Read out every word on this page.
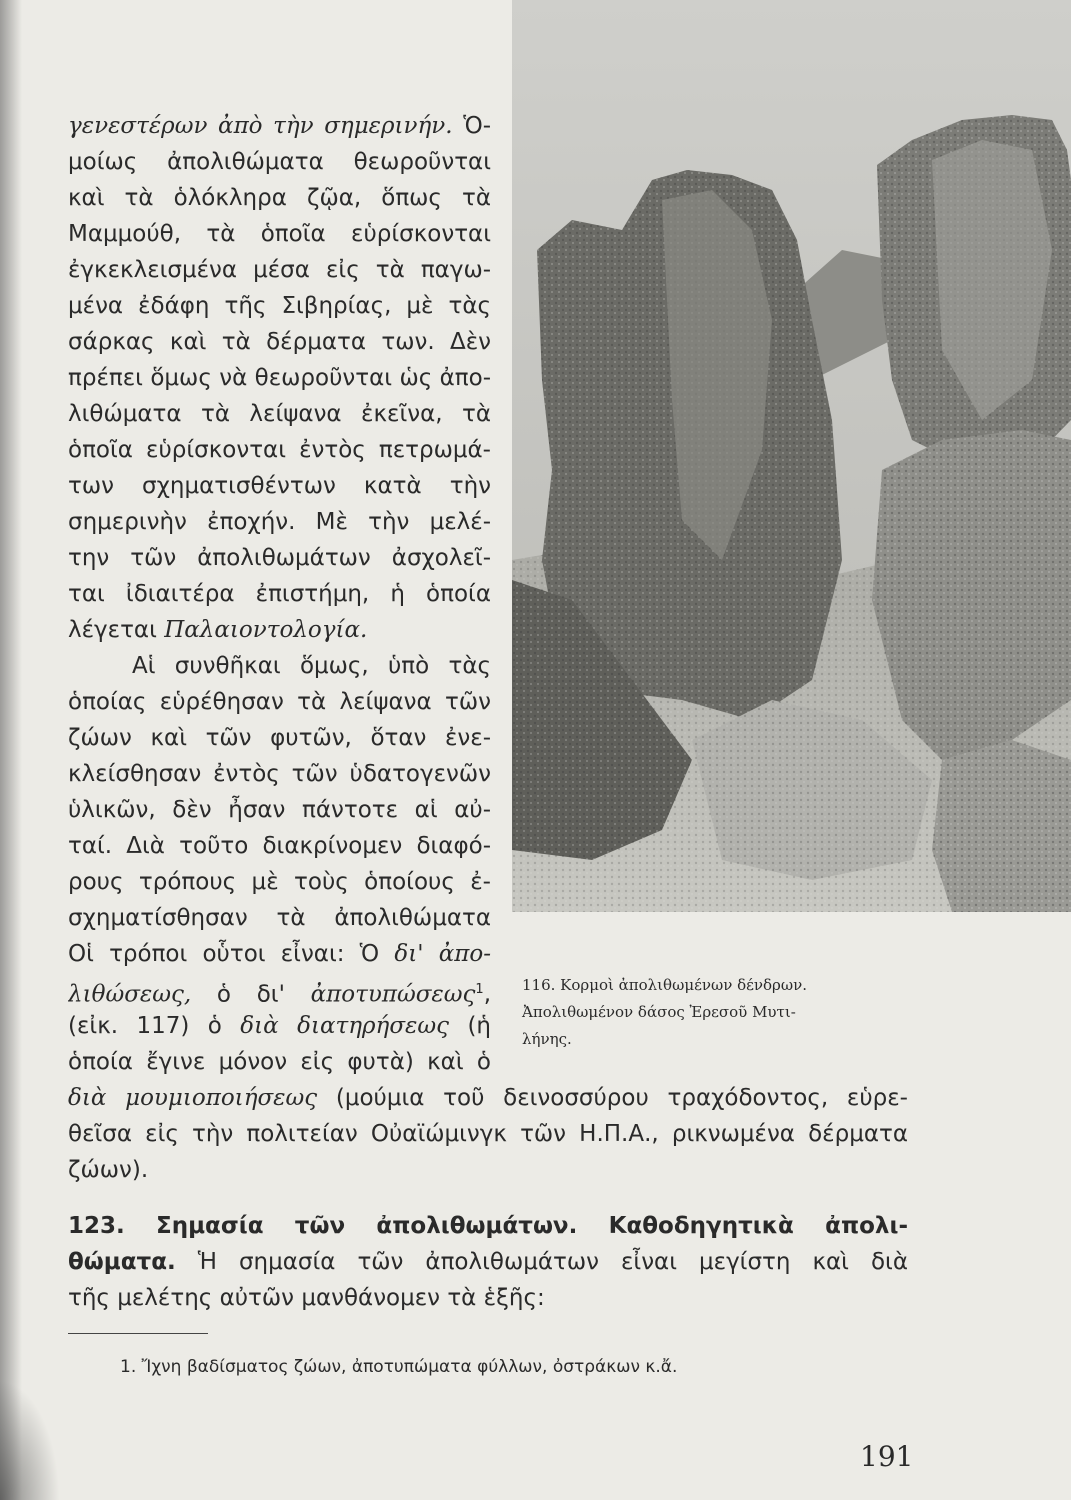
γενεστέρων ἀπὸ τὴν σημερινήν. Ὁ-
μοίως ἀπολιθώματα θεωροῦνται
καὶ τὰ ὁλόκληρα ζῷα, ὅπως τὰ
Μαμμούθ, τὰ ὁποῖα εὑρίσκονται
ἐγκεκλεισμένα μέσα εἰς τὰ παγω-
μένα ἐδάφη τῆς Σιβηρίας, μὲ τὰς
σάρκας καὶ τὰ δέρματα των. Δὲν
πρέπει ὅμως νὰ θεωροῦνται ὡς ἀπο-
λιθώματα τὰ λείψανα ἐκεῖνα, τὰ
ὁποῖα εὑρίσκονται ἐντὸς πετρωμά-
των σχηματισθέντων κατὰ τὴν
σημερινὴν ἐποχήν. Μὲ τὴν μελέ-
την τῶν ἀπολιθωμάτων ἀσχολεῖ-
ται ἰδιαιτέρα ἐπιστήμη, ἡ ὁποία
λέγεται Παλαιοντολογία.
Αἱ συνθῆκαι ὅμως, ὑπὸ τὰς
ὁποίας εὑρέθησαν τὰ λείψανα τῶν
ζώων καὶ τῶν φυτῶν, ὅταν ἐνε-
κλείσθησαν ἐντὸς τῶν ὑδατογενῶν
ὑλικῶν, δὲν ἦσαν πάντοτε αἱ αὐ-
ταί. Διὰ τοῦτο διακρίνομεν διαφό-
ρους τρόπους μὲ τοὺς ὁποίους ἐ-
σχηματίσθησαν τὰ ἀπολιθώματα
Οἱ τρόποι οὗτοι εἶναι: Ὁ δι' ἀπο-
λιθώσεως, ὁ δι' ἀποτυπώσεως$^1$,
(εἰκ. 117) ὁ διὰ διατηρήσεως (ἡ
ὁποία ἔγινε μόνον εἰς φυτὰ) καὶ ὁ
διὰ μουμιοποιήσεως (μούμια τοῦ δεινοσσύρου τραχόδοντος, εὑρε-
θεῖσα εἰς τὴν πολιτείαν Οὐαϊώμινγκ τῶν Η.Π.Α., ρικνωμένα δέρματα
ζώων).
116. Κορμοὶ ἀπολιθωμένων δένδρων.
Ἀπολιθωμένον δάσος Ἐρεσοῦ Μυτι-
λήνης.
123. Σημασία τῶν ἀπολιθωμάτων. Καθοδηγητικὰ ἀπολι-
θώματα. Ἡ σημασία τῶν ἀπολιθωμάτων εἶναι μεγίστη καὶ διὰ
τῆς μελέτης αὐτῶν μανθάνομεν τὰ ἑξῆς:
1. Ἴχνη βαδίσματος ζώων, ἀποτυπώματα φύλλων, ὀστράκων κ.ἄ.
191
